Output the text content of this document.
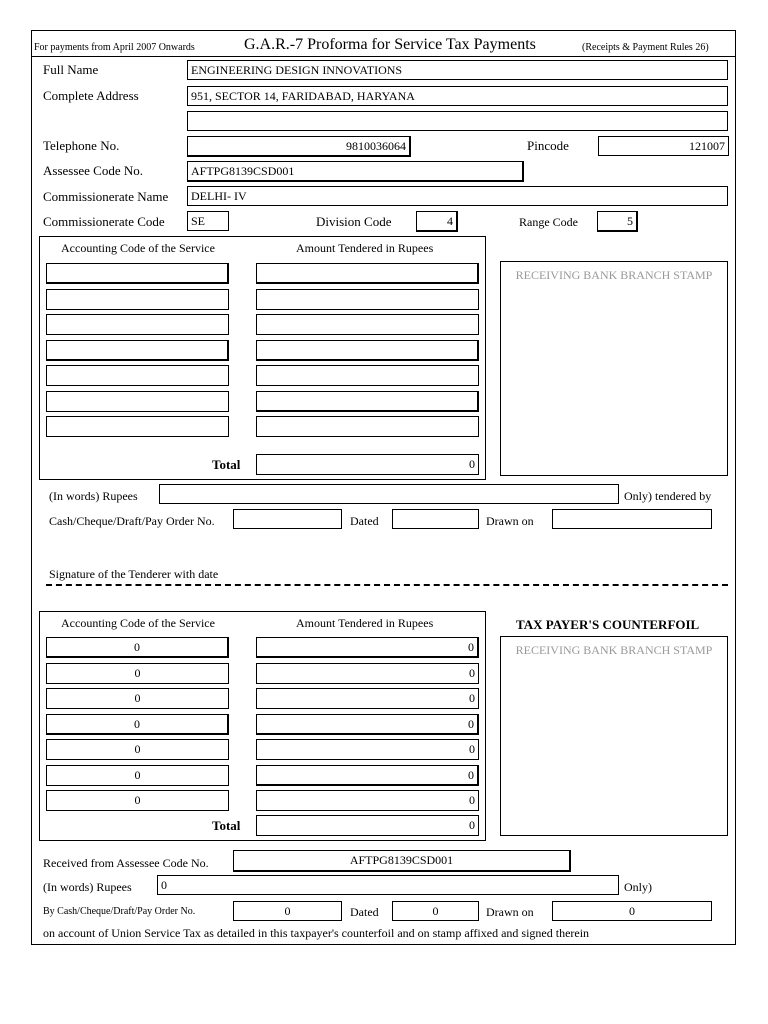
For payments from April 2007 Onwards	G.A.R.-7 Proforma for Service Tax Payments	(Receipts & Payment Rules 26)
Full Name	ENGINEERING DESIGN INNOVATIONS
Complete Address	951, SECTOR 14, FARIDABAD, HARYANA
Telephone No.	9810036064	Pincode	121007
Assessee Code No.	AFTPG8139CSD001
Commissionerate Name	DELHI- IV
Commissionerate Code	SE	Division Code	4	Range Code	5
Accounting Code of the Service	Amount Tendered in Rupees
Total	0
RECEIVING BANK BRANCH STAMP
(In words) Rupees	Only) tendered by
Cash/Cheque/Draft/Pay Order No.	Dated	Drawn on
Signature of the Tenderer with date
Accounting Code of the Service	Amount Tendered in Rupees
0	0
0	0
0	0
0	0
0	0
0	0
0	0
Total	0
TAX PAYER'S COUNTERFOIL
RECEIVING BANK BRANCH STAMP
Received from Assessee Code No.	AFTPG8139CSD001
(In words) Rupees	0	Only)
By Cash/Cheque/Draft/Pay Order No.	0	Dated	0	Drawn on	0
on account of Union Service Tax as detailed in this taxpayer's counterfoil and on stamp affixed and signed therein
